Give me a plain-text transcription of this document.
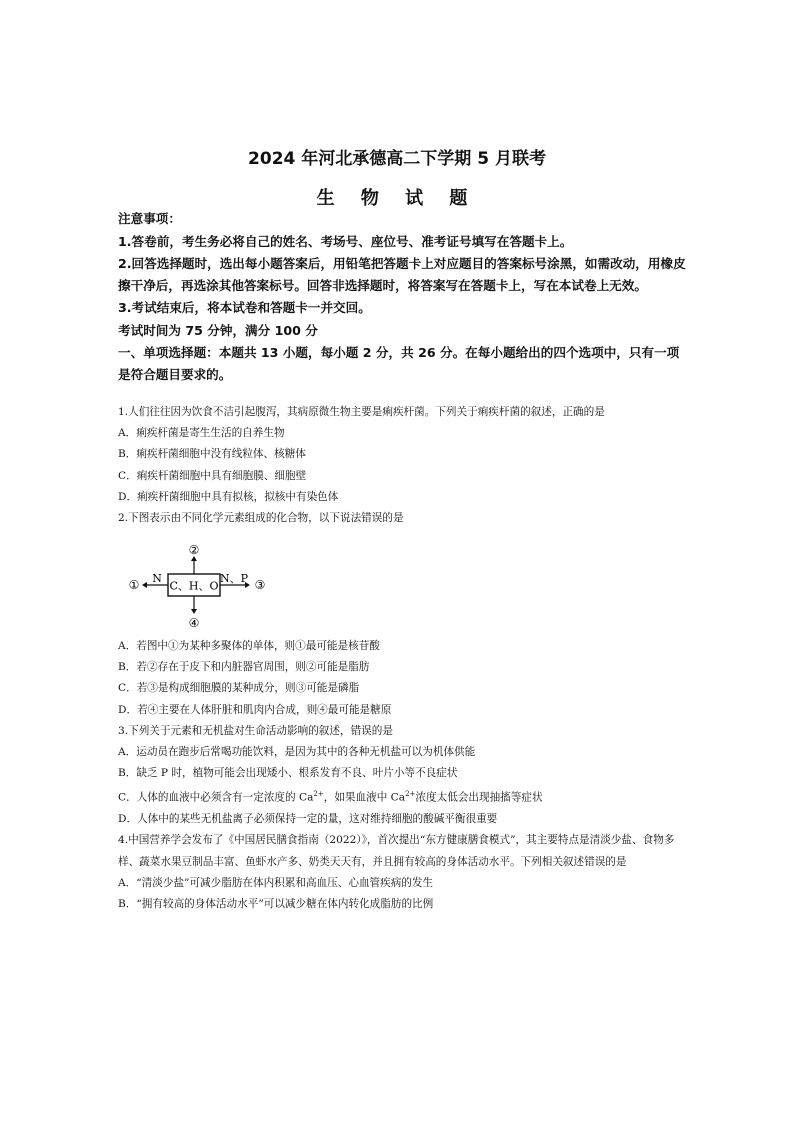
2024 年河北承德高二下学期 5 月联考
生 物 试 题
注意事项：
1.答卷前，考生务必将自己的姓名、考场号、座位号、准考证号填写在答题卡上。
2.回答选择题时，选出每小题答案后，用铅笔把答题卡上对应题目的答案标号涂黑，如需改动，用橡皮擦干净后，再选涂其他答案标号。回答非选择题时，将答案写在答题卡上，写在本试卷上无效。
3.考试结束后，将本试卷和答题卡一并交回。
考试时间为 75 分钟，满分 100 分
一、单项选择题：本题共 13 小题，每小题 2 分，共 26 分。在每小题给出的四个选项中，只有一项是符合题目要求的。
1.人们往往因为饮食不洁引起腹泻，其病原微生物主要是痢疾杆菌。下列关于痢疾杆菌的叙述，正确的是
A．痢疾杆菌是寄生生活的自养生物
B．痢疾杆菌细胞中没有线粒体、核糖体
C．痢疾杆菌细胞中具有细胞膜、细胞壁
D．痢疾杆菌细胞中具有拟核，拟核中有染色体
2.下图表示由不同化学元素组成的化合物，以下说法错误的是
C、H、O
②
④
N
①	N、P ③
A．若图中①为某种多聚体的单体，则①最可能是核苷酸
B．若②存在于皮下和内脏器官周围，则②可能是脂肪
C．若③是构成细胞膜的某种成分，则③可能是磷脂
D．若④主要在人体肝脏和肌肉内合成，则④最可能是糖原
3.下列关于元素和无机盐对生命活动影响的叙述，错误的是
A．运动员在跑步后常喝功能饮料，是因为其中的各种无机盐可以为机体供能
B．缺乏 P 时，植物可能会出现矮小、根系发育不良、叶片小等不良症状
C．人体的血液中必须含有一定浓度的 $Ca^{2+}$，如果血液中 $Ca^{2+}$浓度太低会出现抽搐等症状
D．人体中的某些无机盐离子必须保持一定的量，这对维持细胞的酸碱平衡很重要
4.中国营养学会发布了《中国居民膳食指南（2022）》，首次提出“东方健康膳食模式”，其主要特点是清淡少盐、食物多样、蔬菜水果豆制品丰富、鱼虾水产多、奶类天天有，并且拥有较高的身体活动水平。下列相关叙述错误的是
A．“清淡少盐”可减少脂肪在体内积累和高血压、心血管疾病的发生
B．“拥有较高的身体活动水平”可以减少糖在体内转化成脂肪的比例
